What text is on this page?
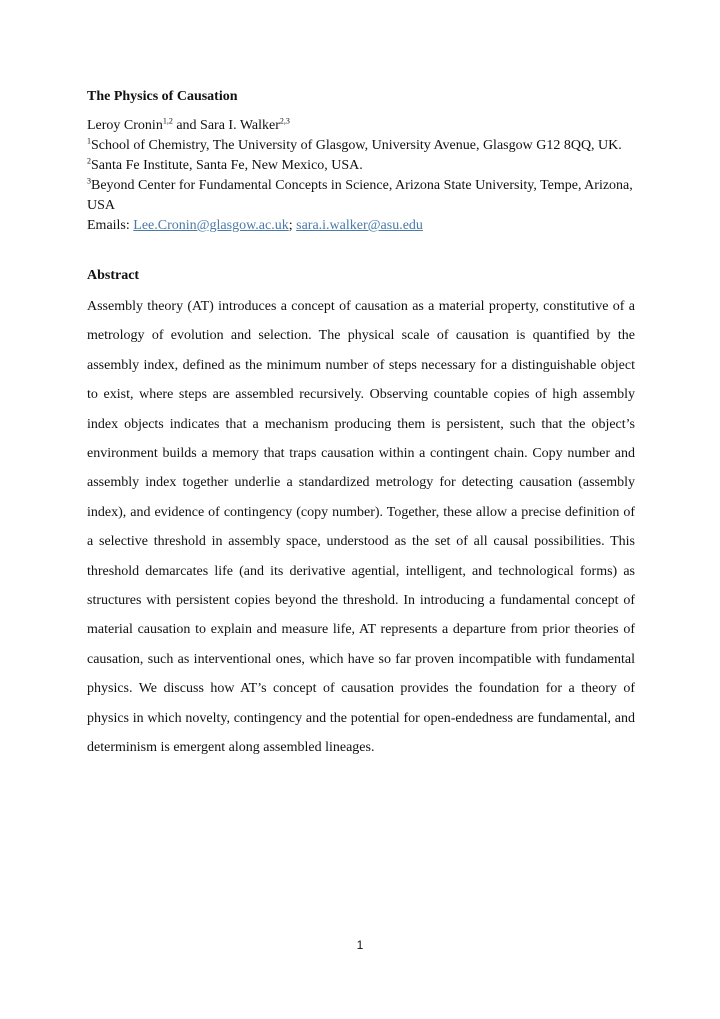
The Physics of Causation
Leroy Cronin$^{1,2}$ and Sara I. Walker$^{2,3}$
$^1$School of Chemistry, The University of Glasgow, University Avenue, Glasgow G12 8QQ, UK.
$^2$Santa Fe Institute, Santa Fe, New Mexico, USA.
$^3$Beyond Center for Fundamental Concepts in Science, Arizona State University, Tempe, Arizona, USA
Emails: Lee.Cronin@glasgow.ac.uk; sara.i.walker@asu.edu
Abstract
Assembly theory (AT) introduces a concept of causation as a material property, constitutive of a metrology of evolution and selection. The physical scale of causation is quantified by the assembly index, defined as the minimum number of steps necessary for a distinguishable object to exist, where steps are assembled recursively. Observing countable copies of high assembly index objects indicates that a mechanism producing them is persistent, such that the object’s environment builds a memory that traps causation within a contingent chain. Copy number and assembly index together underlie a standardized metrology for detecting causation (assembly index), and evidence of contingency (copy number). Together, these allow a precise definition of a selective threshold in assembly space, understood as the set of all causal possibilities. This threshold demarcates life (and its derivative agential, intelligent, and technological forms) as structures with persistent copies beyond the threshold. In introducing a fundamental concept of material causation to explain and measure life, AT represents a departure from prior theories of causation, such as interventional ones, which have so far proven incompatible with fundamental physics. We discuss how AT’s concept of causation provides the foundation for a theory of physics in which novelty, contingency and the potential for open-endedness are fundamental, and determinism is emergent along assembled lineages.
1
